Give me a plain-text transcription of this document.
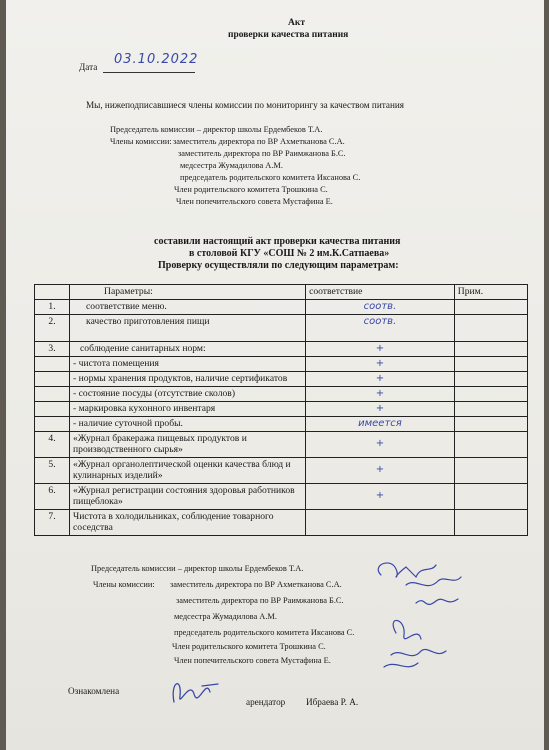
Акт
проверки качества питания
Дата 03.10.2022
Мы, нижеподписавшиеся члены комиссии по мониторингу за качеством питания
Председатель комиссии – директор школы Ердембеков Т.А.
Члены комиссии: заместитель директора по ВР Ахметканова С.А.
заместитель директора по ВР Раимжанова Б.С.
медсестра Жумадилова А.М.
председатель родительского комитета Иксанова С.
Член родительского комитета Трошкина С.
Член попечительского совета Мустафина Е.
составили настоящий акт проверки качества питания
в столовой КГУ «СОШ № 2 им.К.Сатпаева»
Проверку осуществляли по следующим параметрам:
	Параметры:	соответствие	Прим.
1.	соответствие меню.	соотв.	
2.	качество приготовления пищи	соотв.	
3.	соблюдение санитарных норм:	+	
	- чистота помещения	+	
	- нормы хранения продуктов, наличие сертификатов	+	
	- состояние посуды (отсутствие сколов)	+	
	- маркировка кухонного инвентаря	+	
	- наличие суточной пробы.	имеется	
4.	«Журнал бракеража пищевых продуктов и производственного сырья»	+	
5.	«Журнал органолептической оценки качества блюд и кулинарных изделий»	+	
6.	«Журнал регистрации состояния здоровья работников пищеблока»	+	
7.	Чистота в холодильниках, соблюдение товарного соседства		
Председатель комиссии – директор школы Ердембеков Т.А.
Члены комиссии: заместитель директора по ВР Ахметканова С.А.
заместитель директора по ВР Раимжанова Б.С.
медсестра Жумадилова А.М.
председатель родительского комитета Иксанова С.
Член родительского комитета Трошкина С.
Член попечительского совета Мустафина Е.
Ознакомлена
арендатор Ибраева Р. А.
